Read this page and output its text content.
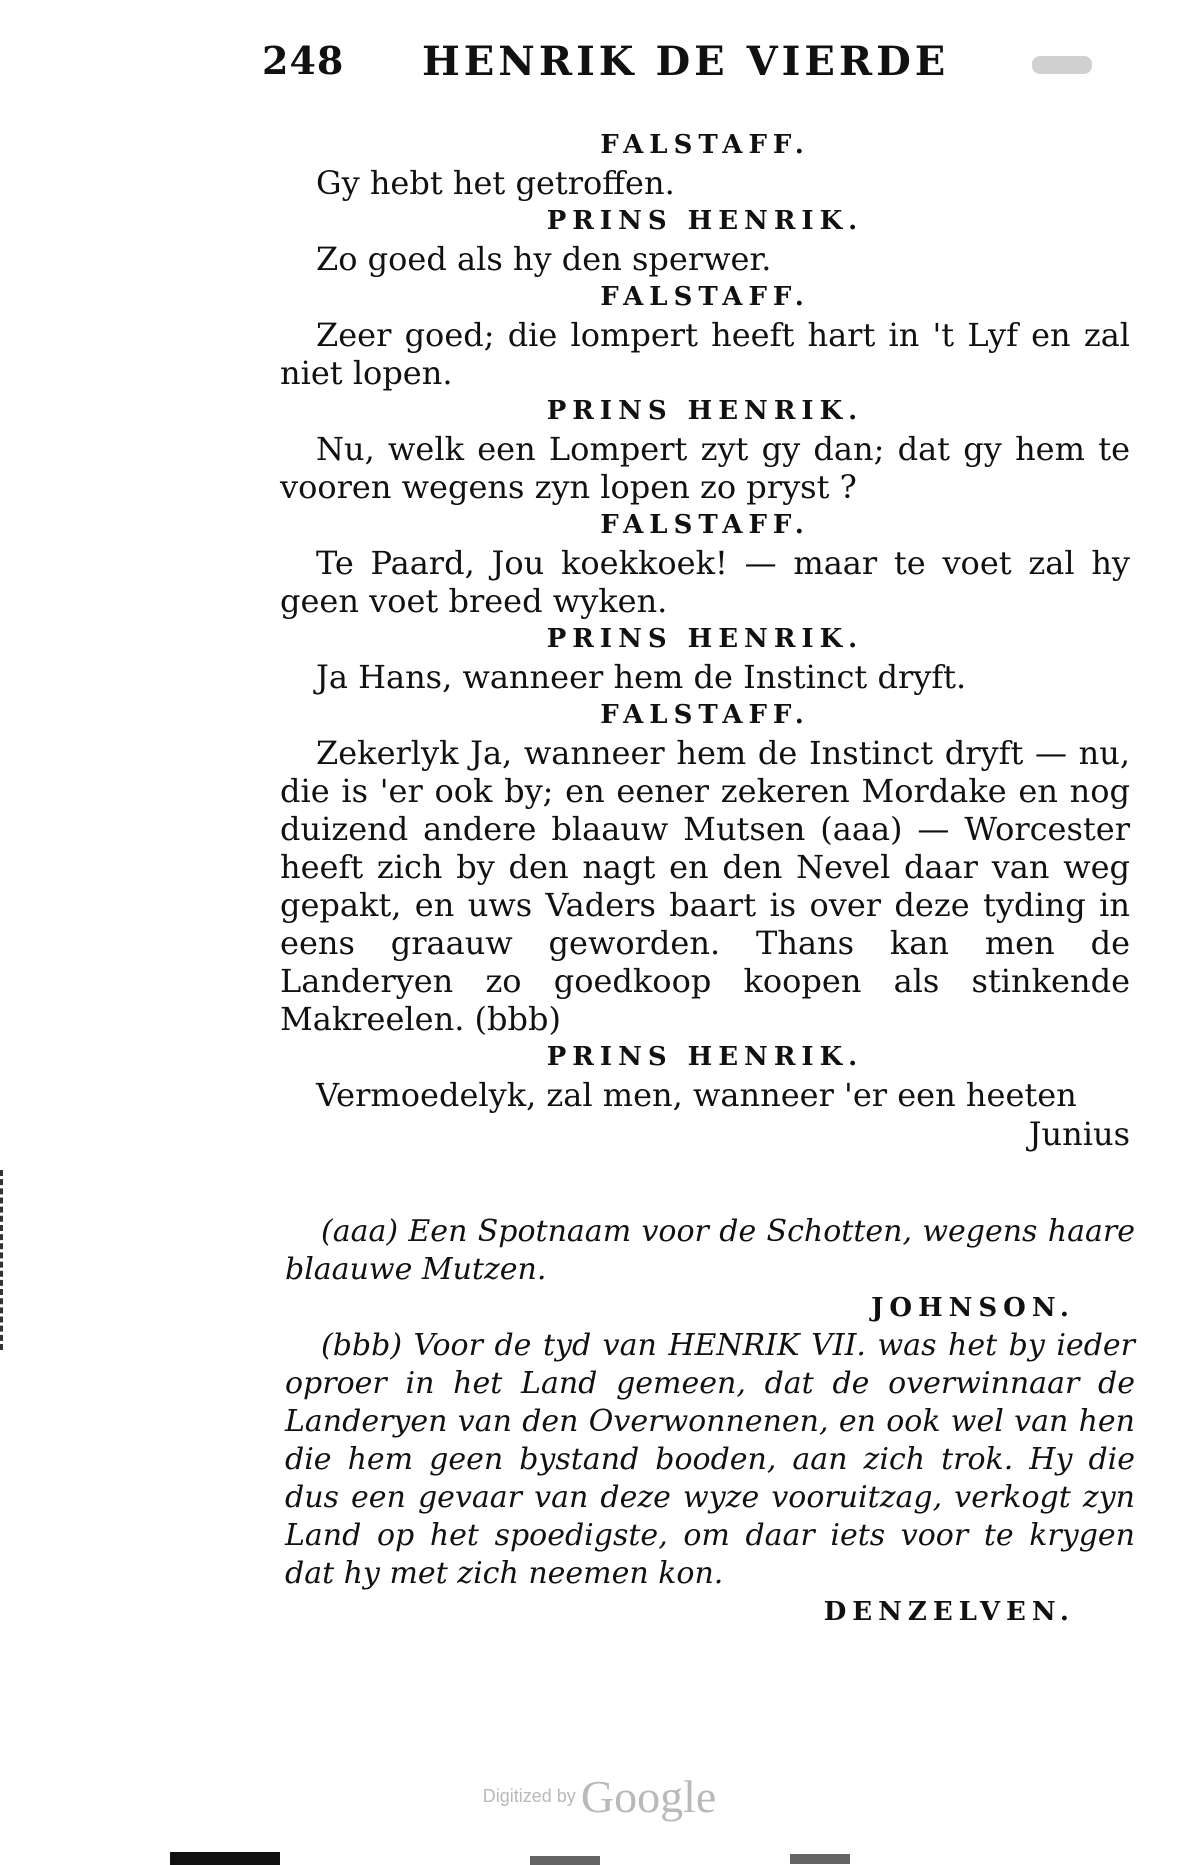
248 HENRIK DE VIERDE

FALSTAFF.

Gy hebt het getroffen.

PRINS HENRIK.

Zo goed als hy den sperwer.

FALSTAFF.

Zeer goed; die lompert heeft hart in 't Lyf en zal niet lopen.

PRINS HENRIK.

Nu, welk een Lompert zyt gy dan; dat gy hem te vooren wegens zyn lopen zo pryst ?

FALSTAFF.

Te Paard, Jou koekkoek! — maar te voet zal hy geen voet breed wyken.

PRINS HENRIK.

Ja Hans, wanneer hem de Instinct dryft.

FALSTAFF.

Zekerlyk Ja, wanneer hem de Instinct dryft — nu, die is 'er ook by; en eener zekeren Mordake en nog duizend andere blaauw Mutsen (aaa) — Worcester heeft zich by den nagt en den Nevel daar van weg gepakt, en uws Vaders baart is over deze tyding in eens graauw geworden. Thans kan men de Landeryen zo goedkoop koopen als stinkende Makreelen. (bbb)

PRINS HENRIK.

Vermoedelyk, zal men, wanneer 'er een heeten

Junius

(aaa) Een Spotnaam voor de Schotten, wegens haare blaauwe Mutzen.

JOHNSON.

(bbb) Voor de tyd van HENRIK VII. was het by ieder oproer in het Land gemeen, dat de overwinnaar de Landeryen van den Overwonnenen, en ook wel van hen die hem geen bystand booden, aan zich trok. Hy die dus een gevaar van deze wyze vooruitzag, verkogt zyn Land op het spoedigste, om daar iets voor te krygen dat hy met zich neemen kon.

DENZELVEN.

Digitized by Google
